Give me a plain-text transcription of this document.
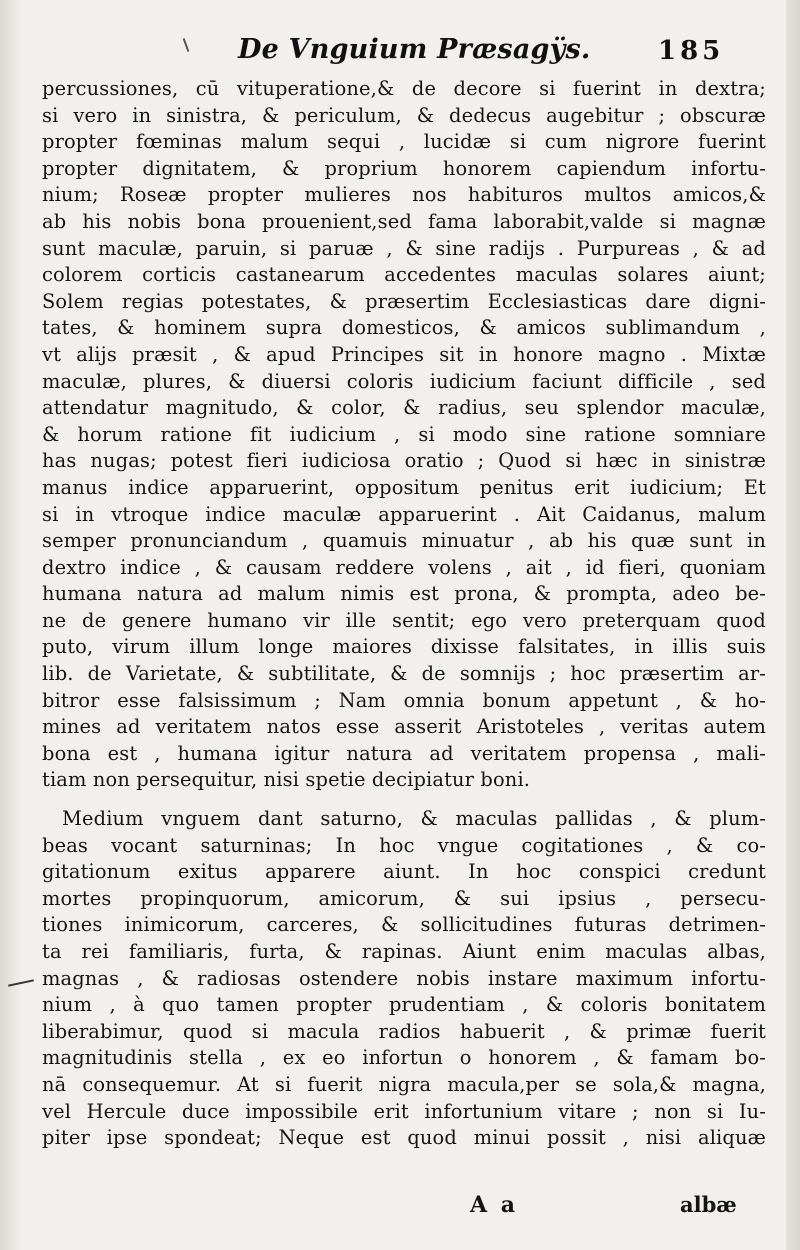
De Vnguium Præsagÿs.	185
percussiones, cū vituperatione,& de decore si fuerint in dextra;
si vero in sinistra, & periculum, & dedecus augebitur ; obscuræ
propter fœminas malum sequi , lucidæ si cum nigrore fuerint
propter dignitatem, & proprium honorem capiendum infortu-
nium; Roseæ propter mulieres nos habituros multos amicos,&
ab his nobis bona prouenient,sed fama laborabit,valde si magnæ
sunt maculæ, paruin, si paruæ , & sine radijs . Purpureas , & ad
colorem corticis castanearum accedentes maculas solares aiunt;
Solem regias potestates, & præsertim Ecclesiasticas dare digni-
tates, & hominem supra domesticos, & amicos sublimandum ,
vt alijs præsit , & apud Principes sit in honore magno . Mixtæ
maculæ, plures, & diuersi coloris iudicium faciunt difficile , sed
attendatur magnitudo, & color, & radius, seu splendor maculæ,
& horum ratione fit iudicium , si modo sine ratione somniare
has nugas; potest fieri iudiciosa oratio ; Quod si hæc in sinistræ
manus indice apparuerint, oppositum penitus erit iudicium; Et
si in vtroque indice maculæ apparuerint . Ait Caidanus, malum
semper pronunciandum , quamuis minuatur , ab his quæ sunt in
dextro indice , & causam reddere volens , ait , id fieri, quoniam
humana natura ad malum nimis est prona, & prompta, adeo be-
ne de genere humano vir ille sentit; ego vero preterquam quod
puto, virum illum longe maiores dixisse falsitates, in illis suis
lib. de Varietate, & subtilitate, & de somnijs ; hoc præsertim ar-
bitror esse falsissimum ; Nam omnia bonum appetunt , & ho-
mines ad veritatem natos esse asserit Aristoteles , veritas autem
bona est , humana igitur natura ad veritatem propensa , mali-
tiam non persequitur, nisi spetie decipiatur boni.
Medium vnguem dant saturno, & maculas pallidas , & plum-
beas vocant saturninas; In hoc vngue cogitationes , & co-
gitationum exitus apparere aiunt. In hoc conspici credunt
mortes propinquorum, amicorum, & sui ipsius , persecu-
tiones inimicorum, carceres, & sollicitudines futuras detrimen-
ta rei familiaris, furta, & rapinas. Aiunt enim maculas albas,
magnas , & radiosas ostendere nobis instare maximum infortu-
nium , à quo tamen propter prudentiam , & coloris bonitatem
liberabimur, quod si macula radios habuerit , & primæ fuerit
magnitudinis stella , ex eo infortun o honorem , & famam bo-
nā consequemur. At si fuerit nigra macula,per se sola,& magna,
vel Hercule duce impossibile erit infortunium vitare ; non si Iu-
piter ipse spondeat; Neque est quod minui possit , nisi aliquæ
A a	albæ
